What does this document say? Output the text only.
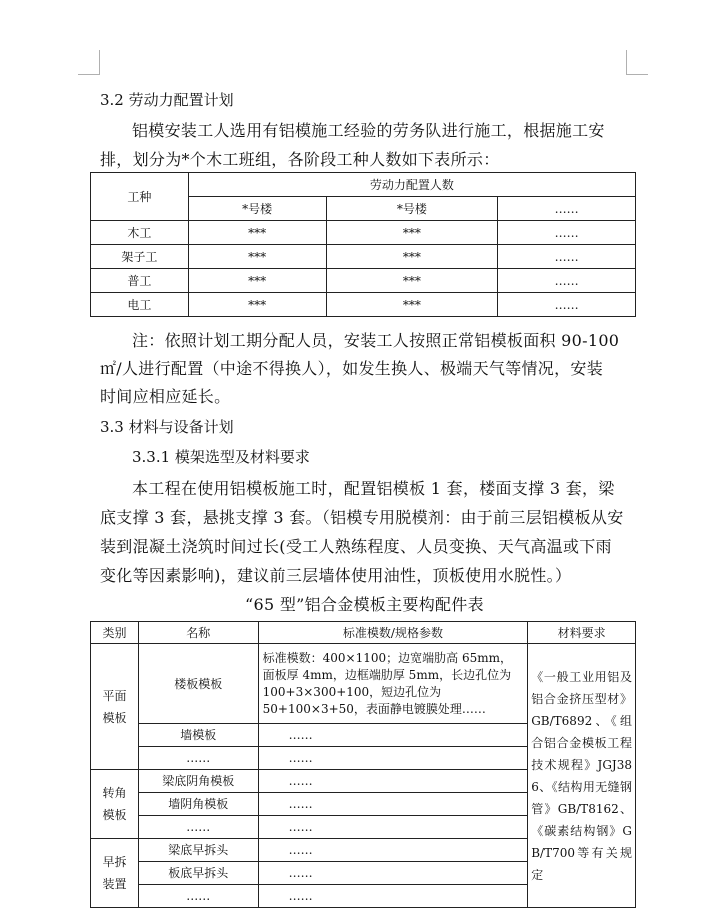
3.2 劳动力配置计划
铝模安装工人选用有铝模施工经验的劳务队进行施工，根据施工安
排，划分为*个木工班组，各阶段工种人数如下表所示：
工种	劳动力配置人数		
	*号楼	*号楼	……
木工	***	***	……
架子工	***	***	……
普工	***	***	……
电工	***	***	……
注：依照计划工期分配人员，安装工人按照正常铝模板面积 90-100
㎡/人进行配置（中途不得换人），如发生换人、极端天气等情况，安装
时间应相应延长。
3.3 材料与设备计划
3.3.1 模架选型及材料要求
本工程在使用铝模板施工时，配置铝模板 1 套，楼面支撑 3 套，梁
底支撑 3 套，悬挑支撑 3 套。（铝模专用脱模剂：由于前三层铝模板从安
装到混凝土浇筑时间过长(受工人熟练程度、人员变换、天气高温或下雨
变化等因素影响)，建议前三层墙体使用油性，顶板使用水脱性。）
“65 型”铝合金模板主要构配件表
类别	名称	标准模数/规格参数	材料要求
平面模板	楼板模板	标准模数：400×1100；边宽端肋高 65mm，面板厚 4mm，边框端肋厚 5mm，长边孔位为 100+3×300+100，短边孔位为 50+100×3+50，表面静电镀膜处理……	《一般工业用铝及铝合金挤压型材》GB/T6892、《组合铝合金模板工程技术规程》JGJ386、《结构用无缝钢管》GB/T8162、《碳素结构钢》GB/T700等有关规定
	墙模板	……	
	……	……	
转角模板	梁底阴角模板	……	
	墙阴角模板	……	
	……	……	
早拆装置	梁底早拆头	……	
	板底早拆头	……	
	……	……	
